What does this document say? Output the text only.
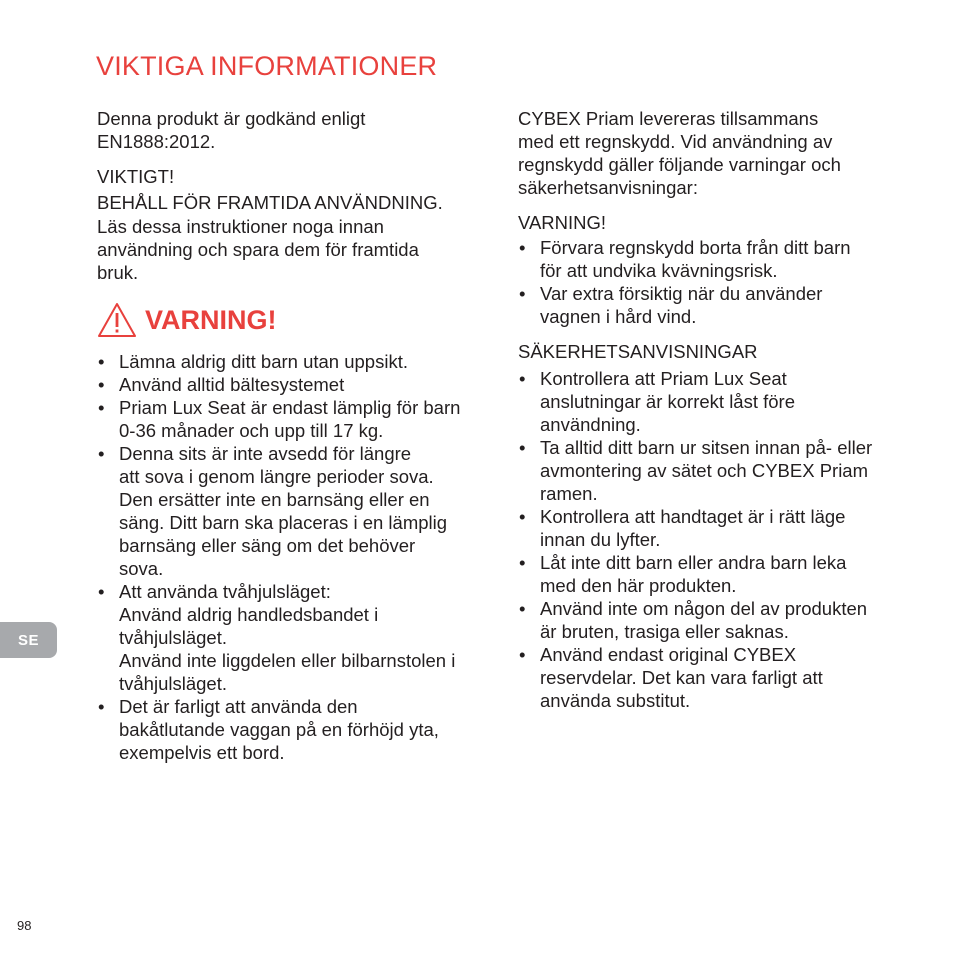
VIKTIGA INFORMATIONER

Denna produkt är godkänd enligt
EN1888:2012.

VIKTIGT!

BEHÅLL FÖR FRAMTIDA ANVÄNDNING.

Läs dessa instruktioner noga innan
användning och spara dem för framtida
bruk.

VARNING!
• Lämna aldrig ditt barn utan uppsikt.
• Använd alltid bältesystemet
• Priam Lux Seat är endast lämplig för barn
0-36 månader och upp till 17 kg.
• Denna sits är inte avsedd för längre
att sova i genom längre perioder sova.
Den ersätter inte en barnsäng eller en
säng. Ditt barn ska placeras i en lämplig
barnsäng eller säng om det behöver
sova.
• Att använda tvåhjulsläget:
Använd aldrig handledsbandet i
tvåhjulsläget.
Använd inte liggdelen eller bilbarnstolen i
tvåhjulsläget.
• Det är farligt att använda den
bakåtlutande vaggan på en förhöjd yta,
exempelvis ett bord.

CYBEX Priam levereras tillsammans
med ett regnskydd. Vid användning av
regnskydd gäller följande varningar och
säkerhetsanvisningar:

VARNING!

• Förvara regnskydd borta från ditt barn
för att undvika kvävningsrisk.
• Var extra försiktig när du använder
vagnen i hård vind.

SÄKERHETSANVISNINGAR

• Kontrollera att Priam Lux Seat
anslutningar är korrekt låst före
användning.
• Ta alltid ditt barn ur sitsen innan på- eller
avmontering av sätet och CYBEX Priam
ramen.
• Kontrollera att handtaget är i rätt läge
innan du lyfter.
• Låt inte ditt barn eller andra barn leka
med den här produkten.
• Använd inte om någon del av produkten
är bruten, trasiga eller saknas.
• Använd endast original CYBEX
reservdelar. Det kan vara farligt att
använda substitut.
SE
98
